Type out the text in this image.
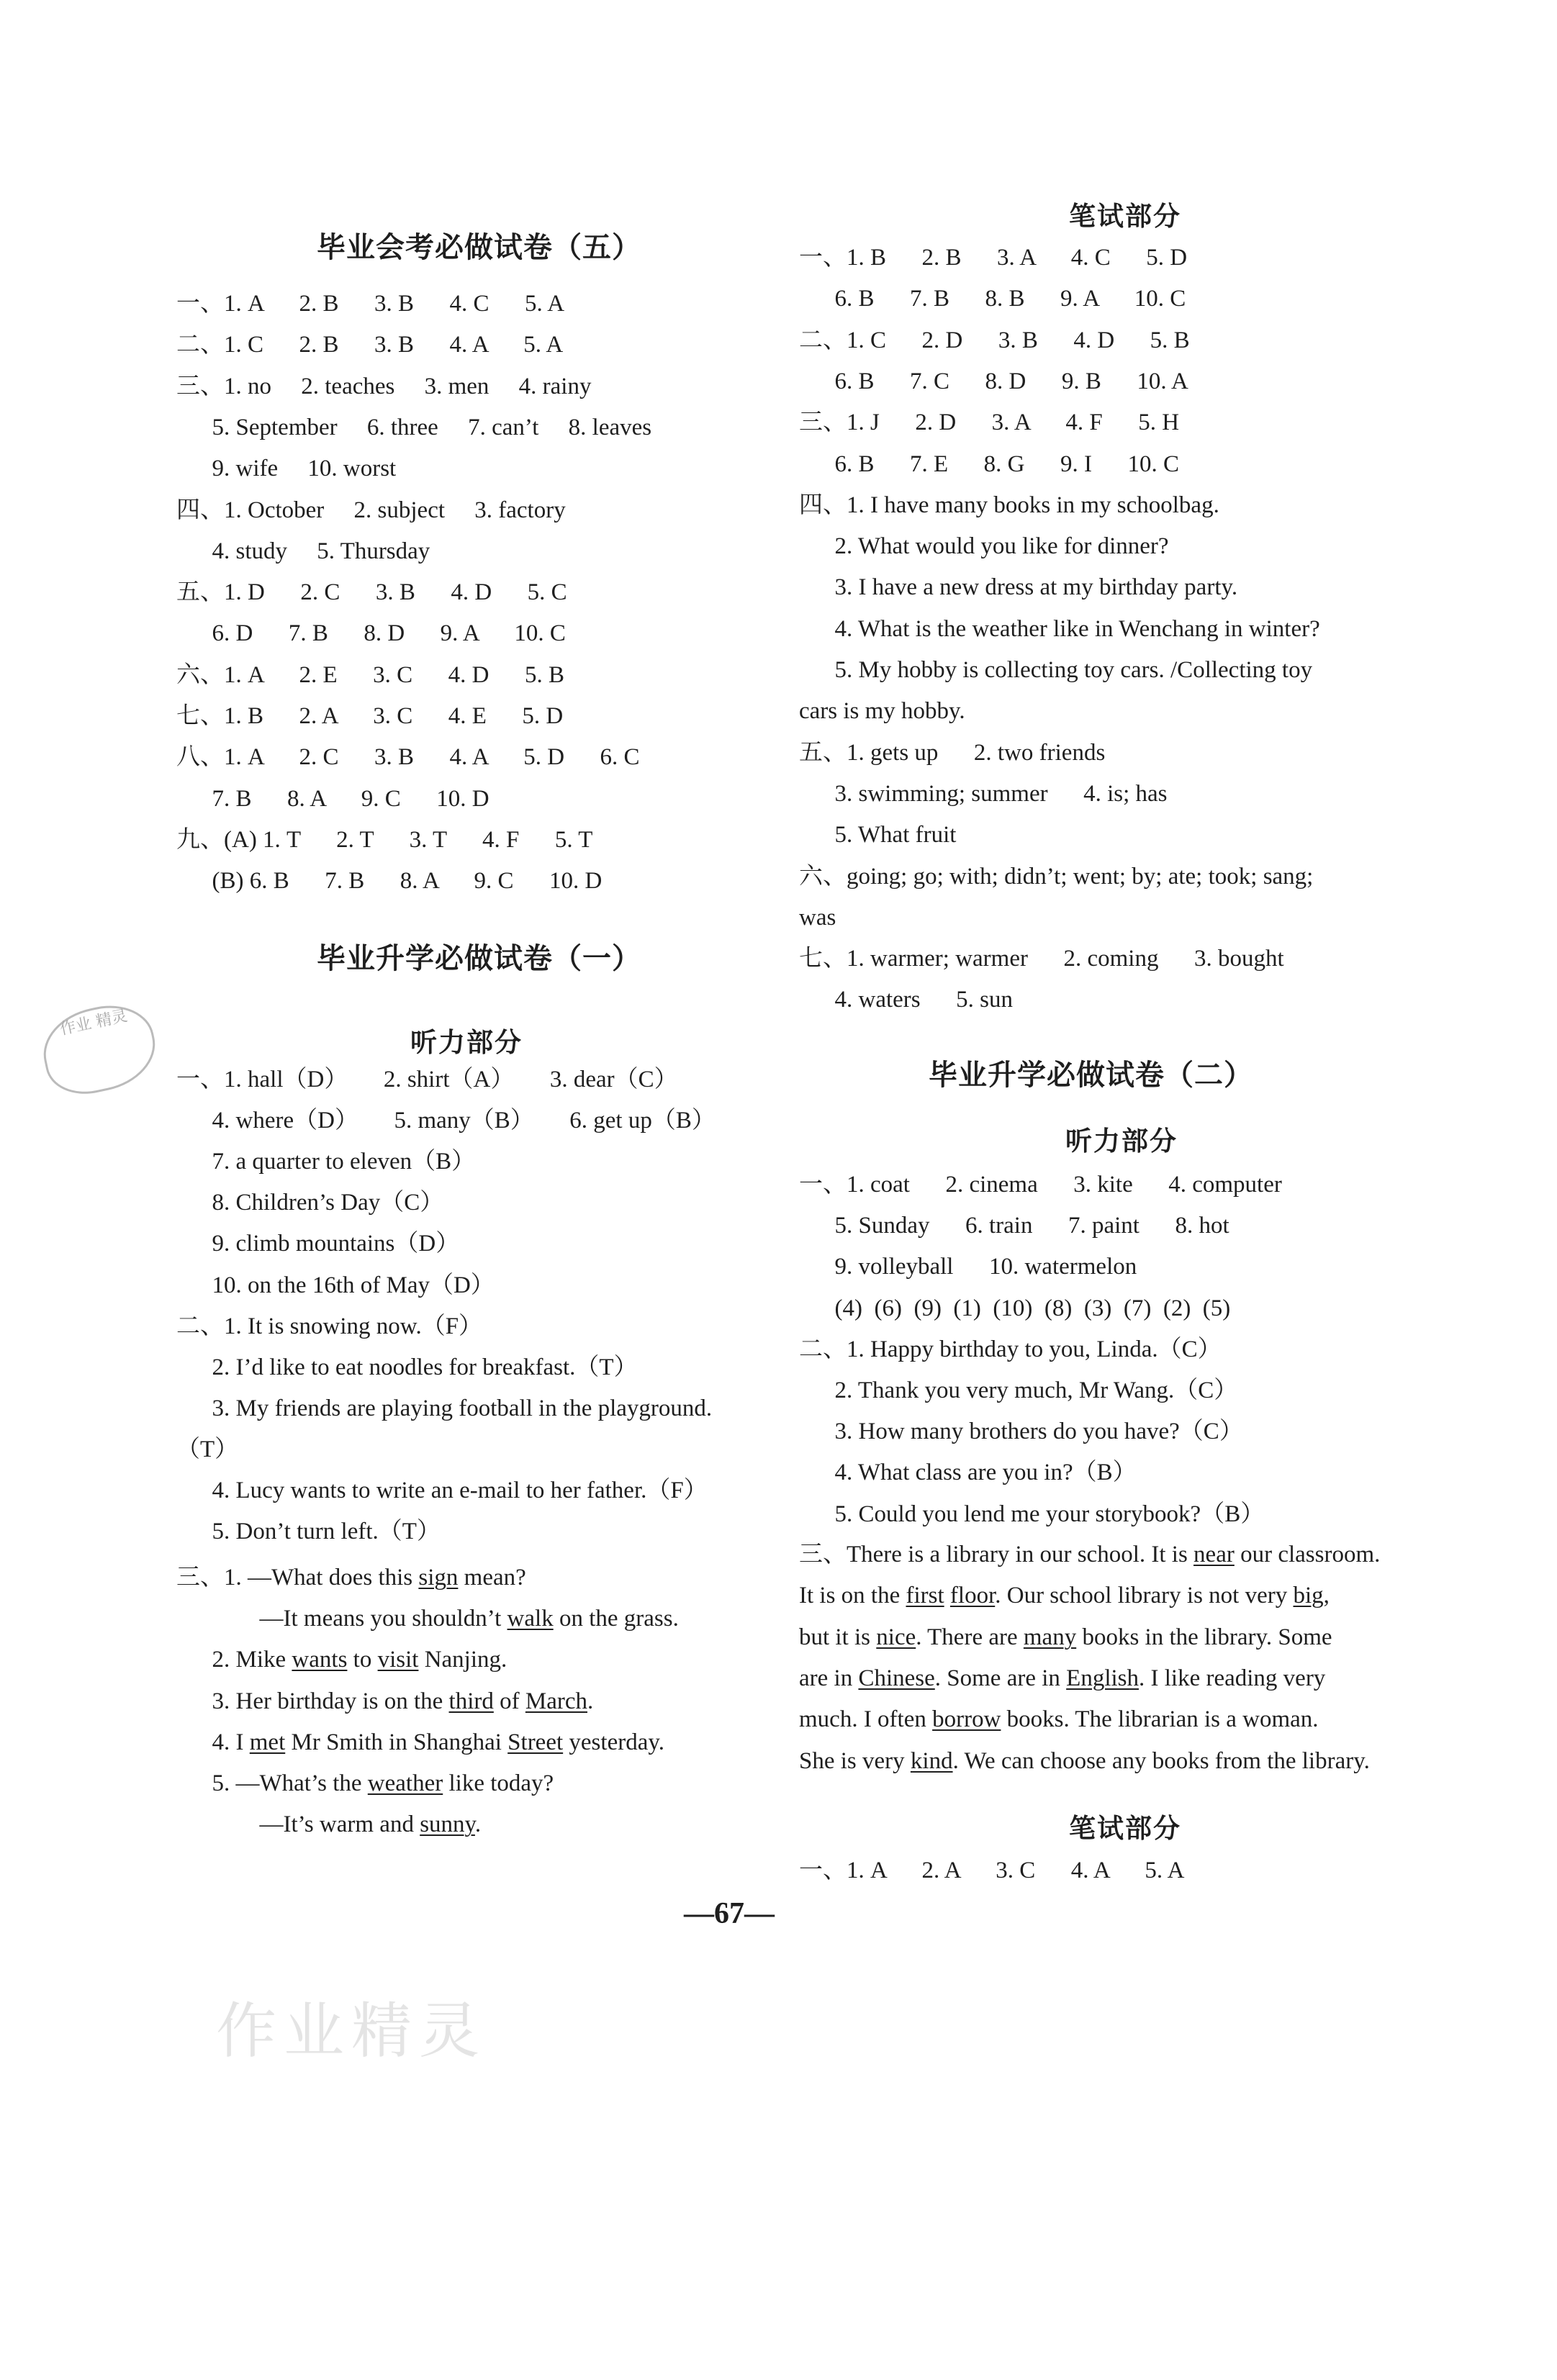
毕业会考必做试卷（五）
一、1. A      2. B      3. B      4. C      5. A
二、1. C      2. B      3. B      4. A      5. A
三、1. no     2. teaches     3. men     4. rainy
5. September     6. three     7. can’t     8. leaves
9. wife     10. worst
四、1. October     2. subject     3. factory
4. study     5. Thursday
五、1. D      2. C      3. B      4. D      5. C
6. D      7. B      8. D      9. A      10. C
六、1. A      2. E      3. C      4. D      5. B
七、1. B      2. A      3. C      4. E      5. D
八、1. A      2. C      3. B      4. A      5. D      6. C
7. B      8. A      9. C      10. D
九、(A) 1. T      2. T      3. T      4. F      5. T
(B) 6. B      7. B      8. A      9. C      10. D
毕业升学必做试卷（一）
听力部分
一、1. hall（D）      2. shirt（A）      3. dear（C）
4. where（D）      5. many（B）      6. get up（B）
7. a quarter to eleven（B）
8. Children’s Day（C）
9. climb mountains（D）
10. on the 16th of May（D）
二、1. It is snowing now.（F）
2. I’d like to eat noodles for breakfast.（T）
3. My friends are playing football in the playground.
（T）
4. Lucy wants to write an e-mail to her father.（F）
5. Don’t turn left.（T）
三、1. —What does this sign mean?
—It means you shouldn’t walk on the grass.
2. Mike wants to visit Nanjing.
3. Her birthday is on the third of March.
4. I met Mr Smith in Shanghai Street yesterday.
5. —What’s the weather like today?
—It’s warm and sunny.
作业 精灵
作业精灵
笔试部分
一、1. B      2. B      3. A      4. C      5. D
6. B      7. B      8. B      9. A      10. C
二、1. C      2. D      3. B      4. D      5. B
6. B      7. C      8. D      9. B      10. A
三、1. J      2. D      3. A      4. F      5. H
6. B      7. E      8. G      9. I      10. C
四、1. I have many books in my schoolbag.
2. What would you like for dinner?
3. I have a new dress at my birthday party.
4. What is the weather like in Wenchang in winter?
5. My hobby is collecting toy cars. /Collecting toy
cars is my hobby.
五、1. gets up      2. two friends
3. swimming; summer      4. is; has
5. What fruit
六、going; go; with; didn’t; went; by; ate; took; sang;
was
七、1. warmer; warmer      2. coming      3. bought
4. waters      5. sun
毕业升学必做试卷（二）
听力部分
一、1. coat      2. cinema      3. kite      4. computer
5. Sunday      6. train      7. paint      8. hot
9. volleyball      10. watermelon
(4)  (6)  (9)  (1)  (10)  (8)  (3)  (7)  (2)  (5)
二、1. Happy birthday to you, Linda.（C）
2. Thank you very much, Mr Wang.（C）
3. How many brothers do you have?（C）
4. What class are you in?（B）
5. Could you lend me your storybook?（B）
三、There is a library in our school. It is near our classroom.
It is on the first floor. Our school library is not very big,
but it is nice. There are many books in the library. Some
are in Chinese. Some are in English. I like reading very
much. I often borrow books. The librarian is a woman.
She is very kind. We can choose any books from the library.
笔试部分
一、1. A      2. A      3. C      4. A      5. A
—67—
